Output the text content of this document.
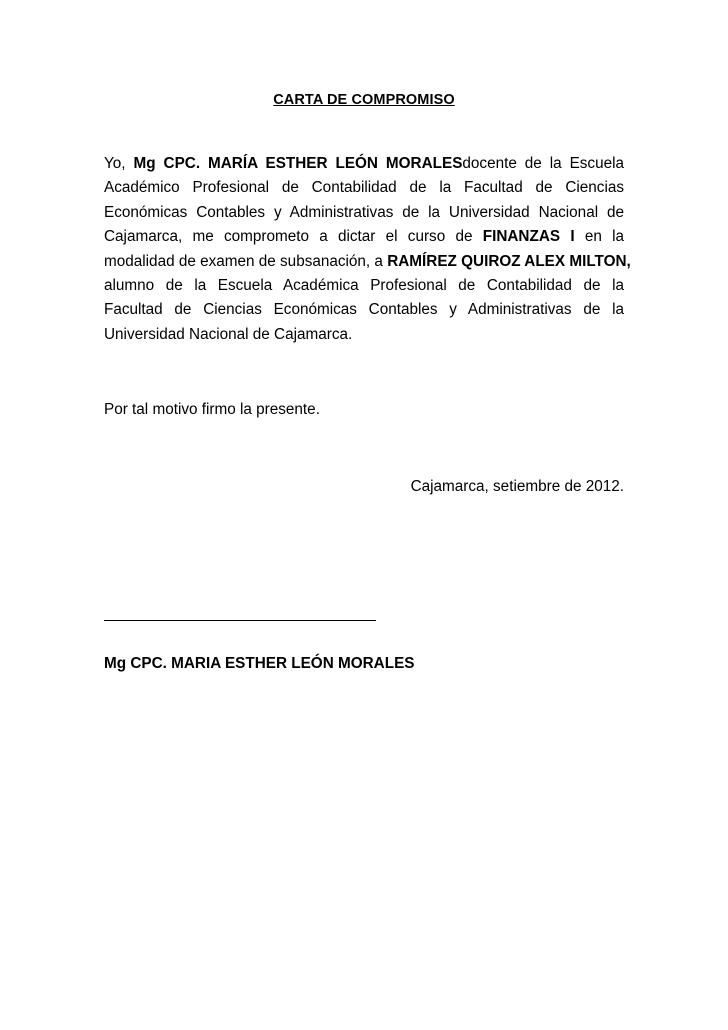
CARTA DE COMPROMISO
Yo, Mg CPC. MARÍA ESTHER LEÓN MORALESdocente de la Escuela
Académico Profesional de Contabilidad de la Facultad de Ciencias
Económicas Contables y Administrativas de la Universidad Nacional de
Cajamarca, me comprometo a dictar el curso de FINANZAS I en la
modalidad de examen de subsanación, a RAMÍREZ QUIROZ ALEX MILTON,
alumno de la Escuela Académica Profesional de Contabilidad de la
Facultad de Ciencias Económicas Contables y Administrativas de la
Universidad Nacional de Cajamarca.
Por tal motivo firmo la presente.
Cajamarca, setiembre de 2012.
Mg CPC. MARIA ESTHER LEÓN MORALES
